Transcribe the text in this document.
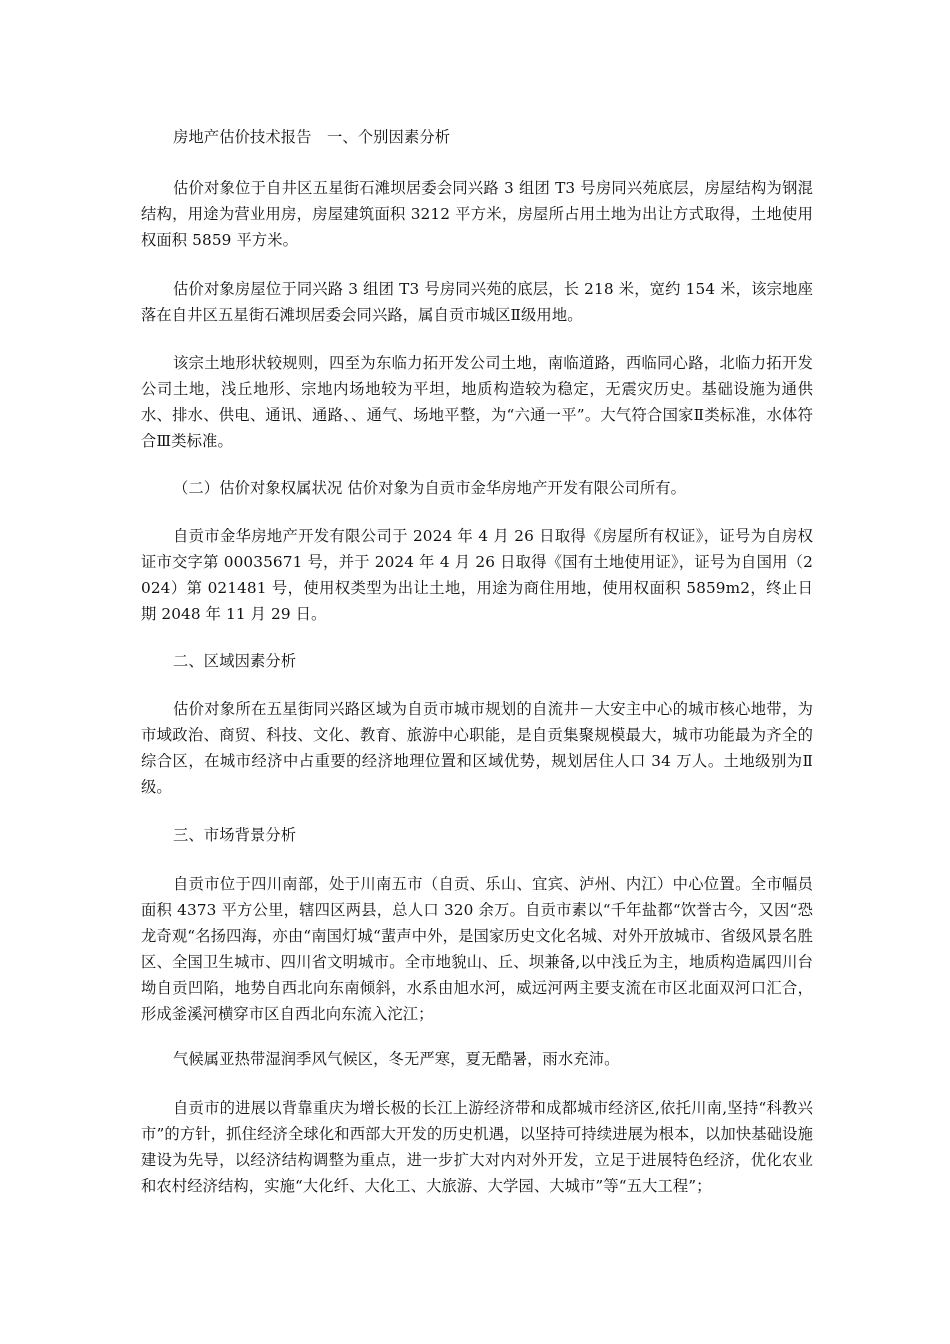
房地产估价技术报告　一、个别因素分析

估价对象位于自井区五星街石滩坝居委会同兴路 3 组团 T3 号房同兴苑底层，房屋结构为钢混结构，用途为营业用房，房屋建筑面积 3212 平方米，房屋所占用土地为出让方式取得，土地使用权面积 5859 平方米。

估价对象房屋位于同兴路 3 组团 T3 号房同兴苑的底层，长 218 米，宽约 154 米，该宗地座落在自井区五星街石滩坝居委会同兴路，属自贡市城区Ⅱ级用地。

该宗土地形状较规则，四至为东临力拓开发公司土地，南临道路，西临同心路，北临力拓开发公司土地，浅丘地形、宗地内场地较为平坦，地质构造较为稳定，无震灾历史。基础设施为通供水、排水、供电、通讯、通路、、通气、场地平整，为“六通一平”。大气符合国家Ⅱ类标准，水体符合Ⅲ类标准。

（二）估价对象权属状况 估价对象为自贡市金华房地产开发有限公司所有。

自贡市金华房地产开发有限公司于 2024 年 4 月 26 日取得《房屋所有权证》，证号为自房权证市交字第 00035671 号，并于 2024 年 4 月 26 日取得《国有土地使用证》，证号为自国用（2024）第 021481 号，使用权类型为出让土地，用途为商住用地，使用权面积 5859m2，终止日期 2048 年 11 月 29 日。

二、区域因素分析

估价对象所在五星街同兴路区域为自贡市城市规划的自流井－大安主中心的城市核心地带，为市域政治、商贸、科技、文化、教育、旅游中心职能，是自贡集聚规模最大，城市功能最为齐全的综合区，在城市经济中占重要的经济地理位置和区域优势，规划居住人口 34 万人。土地级别为Ⅱ级。

三、市场背景分析

自贡市位于四川南部，处于川南五市（自贡、乐山、宜宾、泸州、内江）中心位置。全市幅员面积 4373 平方公里，辖四区两县，总人口 320 余万。自贡市素以“千年盐都“饮誉古今，又因“恐龙奇观“名扬四海，亦由“南国灯城“蜚声中外，是国家历史文化名城、对外开放城市、省级风景名胜区、全国卫生城市、四川省文明城市。全市地貌山、丘、坝兼备,以中浅丘为主，地质构造属四川台坳自贡凹陷，地势自西北向东南倾斜，水系由旭水河，威远河两主要支流在市区北面双河口汇合，形成釜溪河横穿市区自西北向东流入沱江；

气候属亚热带湿润季风气候区，冬无严寒，夏无酷暑，雨水充沛。

自贡市的进展以背靠重庆为增长极的长江上游经济带和成都城市经济区,依托川南,坚持“科教兴市”的方针，抓住经济全球化和西部大开发的历史机遇，以坚持可持续进展为根本，以加快基础设施建设为先导，以经济结构调整为重点，进一步扩大对内对外开发，立足于进展特色经济，优化农业和农村经济结构，实施“大化纤、大化工、大旅游、大学园、大城市”等“五大工程”；
